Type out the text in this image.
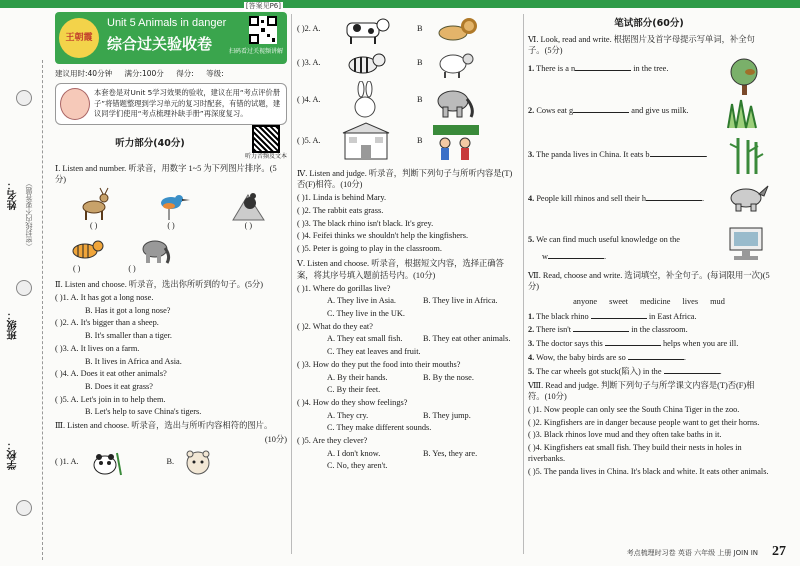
姓名： （密封线内不要答题）
班级：
学校：
[答案见P6]
王朝霞
Unit 5 Animals in danger
综合过关验收卷	扫码看过关视频讲解
建议用时:40分钟 满分:100分 得分: 等级:
本套卷是对Unit 5学习效果的验收，建议在用“考点评价册子”将错题整理到学习单元的复习时配套，有错的试题，建议同学们使用“考点梳理补缺手册”再深度复习。
听力部分(40分)
听力音频及文本
Ⅰ. Listen and number. 听录音，用数字 1~5 为下列图片排序。(5分)
( )	( )	( )
( )	( )
Ⅱ. Listen and choose. 听录音，选出你所听到的句子。(5分)
( )1. A. It has got a long nose.
B. Has it got a long nose?
( )2. A. It's bigger than a sheep.
B. It's smaller than a tiger.
( )3. A. It lives on a farm.
B. It lives in Africa and Asia.
( )4. A. Does it eat other animals?
B. Does it eat grass?
( )5. A. Let's join in to help them.
B. Let's help to save China's tigers.
Ⅲ. Listen and choose. 听录音，选出与所听内容相符的图片。
(10分)
( )1. A.	B.
( )2. A.	B
( )3. A.	B
( )4. A.	B
( )5. A.	B
Ⅳ. Listen and judge. 听录音，判断下列句子与所听内容是(T)否(F)相符。(10分)
( )1. Linda is behind Mary.
( )2. The rabbit eats grass.
( )3. The black rhino isn't black. It's grey.
( )4. Feifei thinks we shouldn't help the kingfishers.
( )5. Peter is going to play in the classroom.
Ⅴ. Listen and choose. 听录音，根据短文内容，选择正确答案，将其序号填入题前括号内。(10分)
( )1. Where do gorillas live?
A. They live in Asia.	B. They live in Africa.
C. They live in the UK.
( )2. What do they eat?
A. They eat small fish.	B. They eat other animals.
C. They eat leaves and fruit.
( )3. How do they put the food into their mouths?
A. By their hands.	B. By the nose.
C. By their feet.
( )4. How do they show feelings?
A. They cry.	B. They jump.
C. They make different sounds.
( )5. Are they clever?
A. I don't know.	B. Yes, they are.
C. No, they aren't.
笔试部分(60分)
Ⅵ. Look, read and write. 根据图片及首字母提示写单词，补全句子。(5分)
1. There is a n	in the tree.
2. Cows eat g	and give us milk.
3. The panda lives in China. It eats b	.
4. People kill rhinos and sell their h	.
5. We can find much useful knowledge on the
w	.
Ⅶ. Read, choose and write. 选词填空，补全句子。(每词限用一次)(5分)
anyone sweet medicine lives mud
1. The black rhino	in East Africa.
2. There isn't	in the classroom.
3. The doctor says this	helps when you are ill.
4. Wow, the baby birds are so	.
5. The car wheels got stuck(陷入) in the	.
Ⅷ. Read and judge. 判断下列句子与所学课文内容是(T)否(F)相符。(10分)
( )1. Now people can only see the South China Tiger in the zoo.
( )2. Kingfishers are in danger because people want to get their horns.
( )3. Black rhinos love mud and they often take baths in it.
( )4. Kingfishers eat small fish. They build their nests in holes in riverbanks.
( )5. The panda lives in China. It's black and white. It eats other animals.
考点梳理时习卷 英语 六年级 上册 JOIN IN 27
